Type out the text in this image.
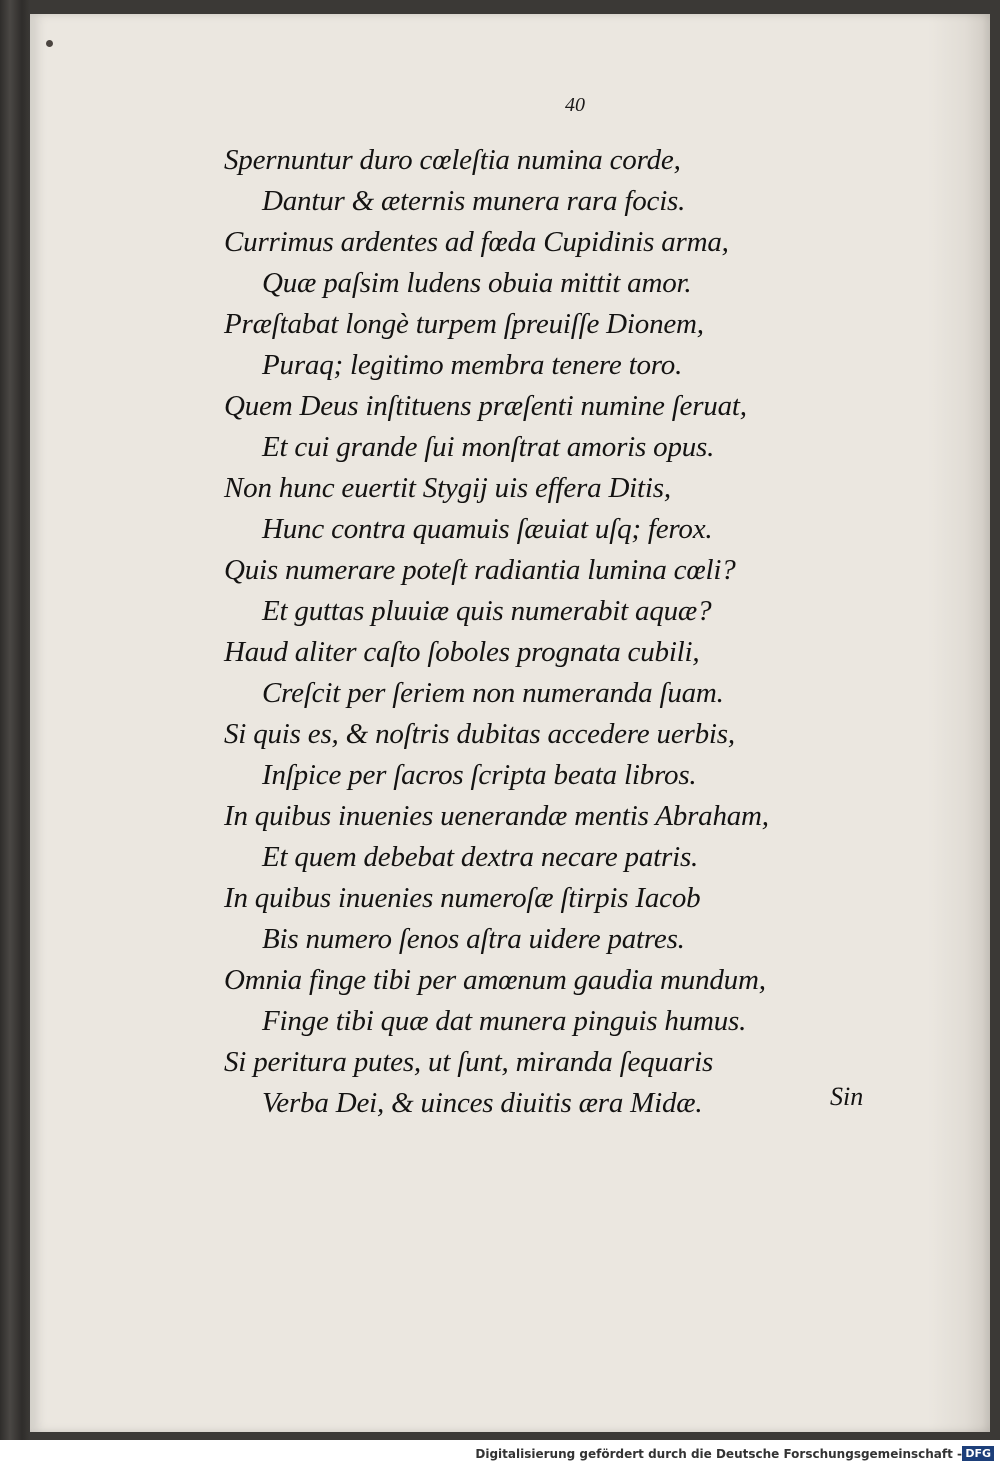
40
Spernuntur duro cœleſtia numina corde,
Dantur & æternis munera rara focis.
Currimus ardentes ad fœda Cupidinis arma,
Quæ paſsim ludens obuia mittit amor.
Præſtabat longè turpem ſpreuiſſe Dionem,
Puraq; legitimo membra tenere toro.
Quem Deus inſtituens præſenti numine ſeruat,
Et cui grande ſui monſtrat amoris opus.
Non hunc euertit Stygij uis effera Ditis,
Hunc contra quamuis ſæuiat uſq; ferox.
Quis numerare poteſt radiantia lumina cœli?
Et guttas pluuiæ quis numerabit aquæ?
Haud aliter caſto ſoboles prognata cubili,
Creſcit per ſeriem non numeranda ſuam.
Si quis es, & noſtris dubitas accedere uerbis,
Inſpice per ſacros ſcripta beata libros.
In quibus inuenies uenerandæ mentis Abraham,
Et quem debebat dextra necare patris.
In quibus inuenies numeroſæ ſtirpis Iacob
Bis numero ſenos aſtra uidere patres.
Omnia finge tibi per amœnum gaudia mundum,
Finge tibi quæ dat munera pinguis humus.
Si peritura putes, ut ſunt, miranda ſequaris
Verba Dei, & uinces diuitis æra Midæ.	Sin
Digitalisierung gefördert durch die Deutsche Forschungsgemeinschaft - DFG
